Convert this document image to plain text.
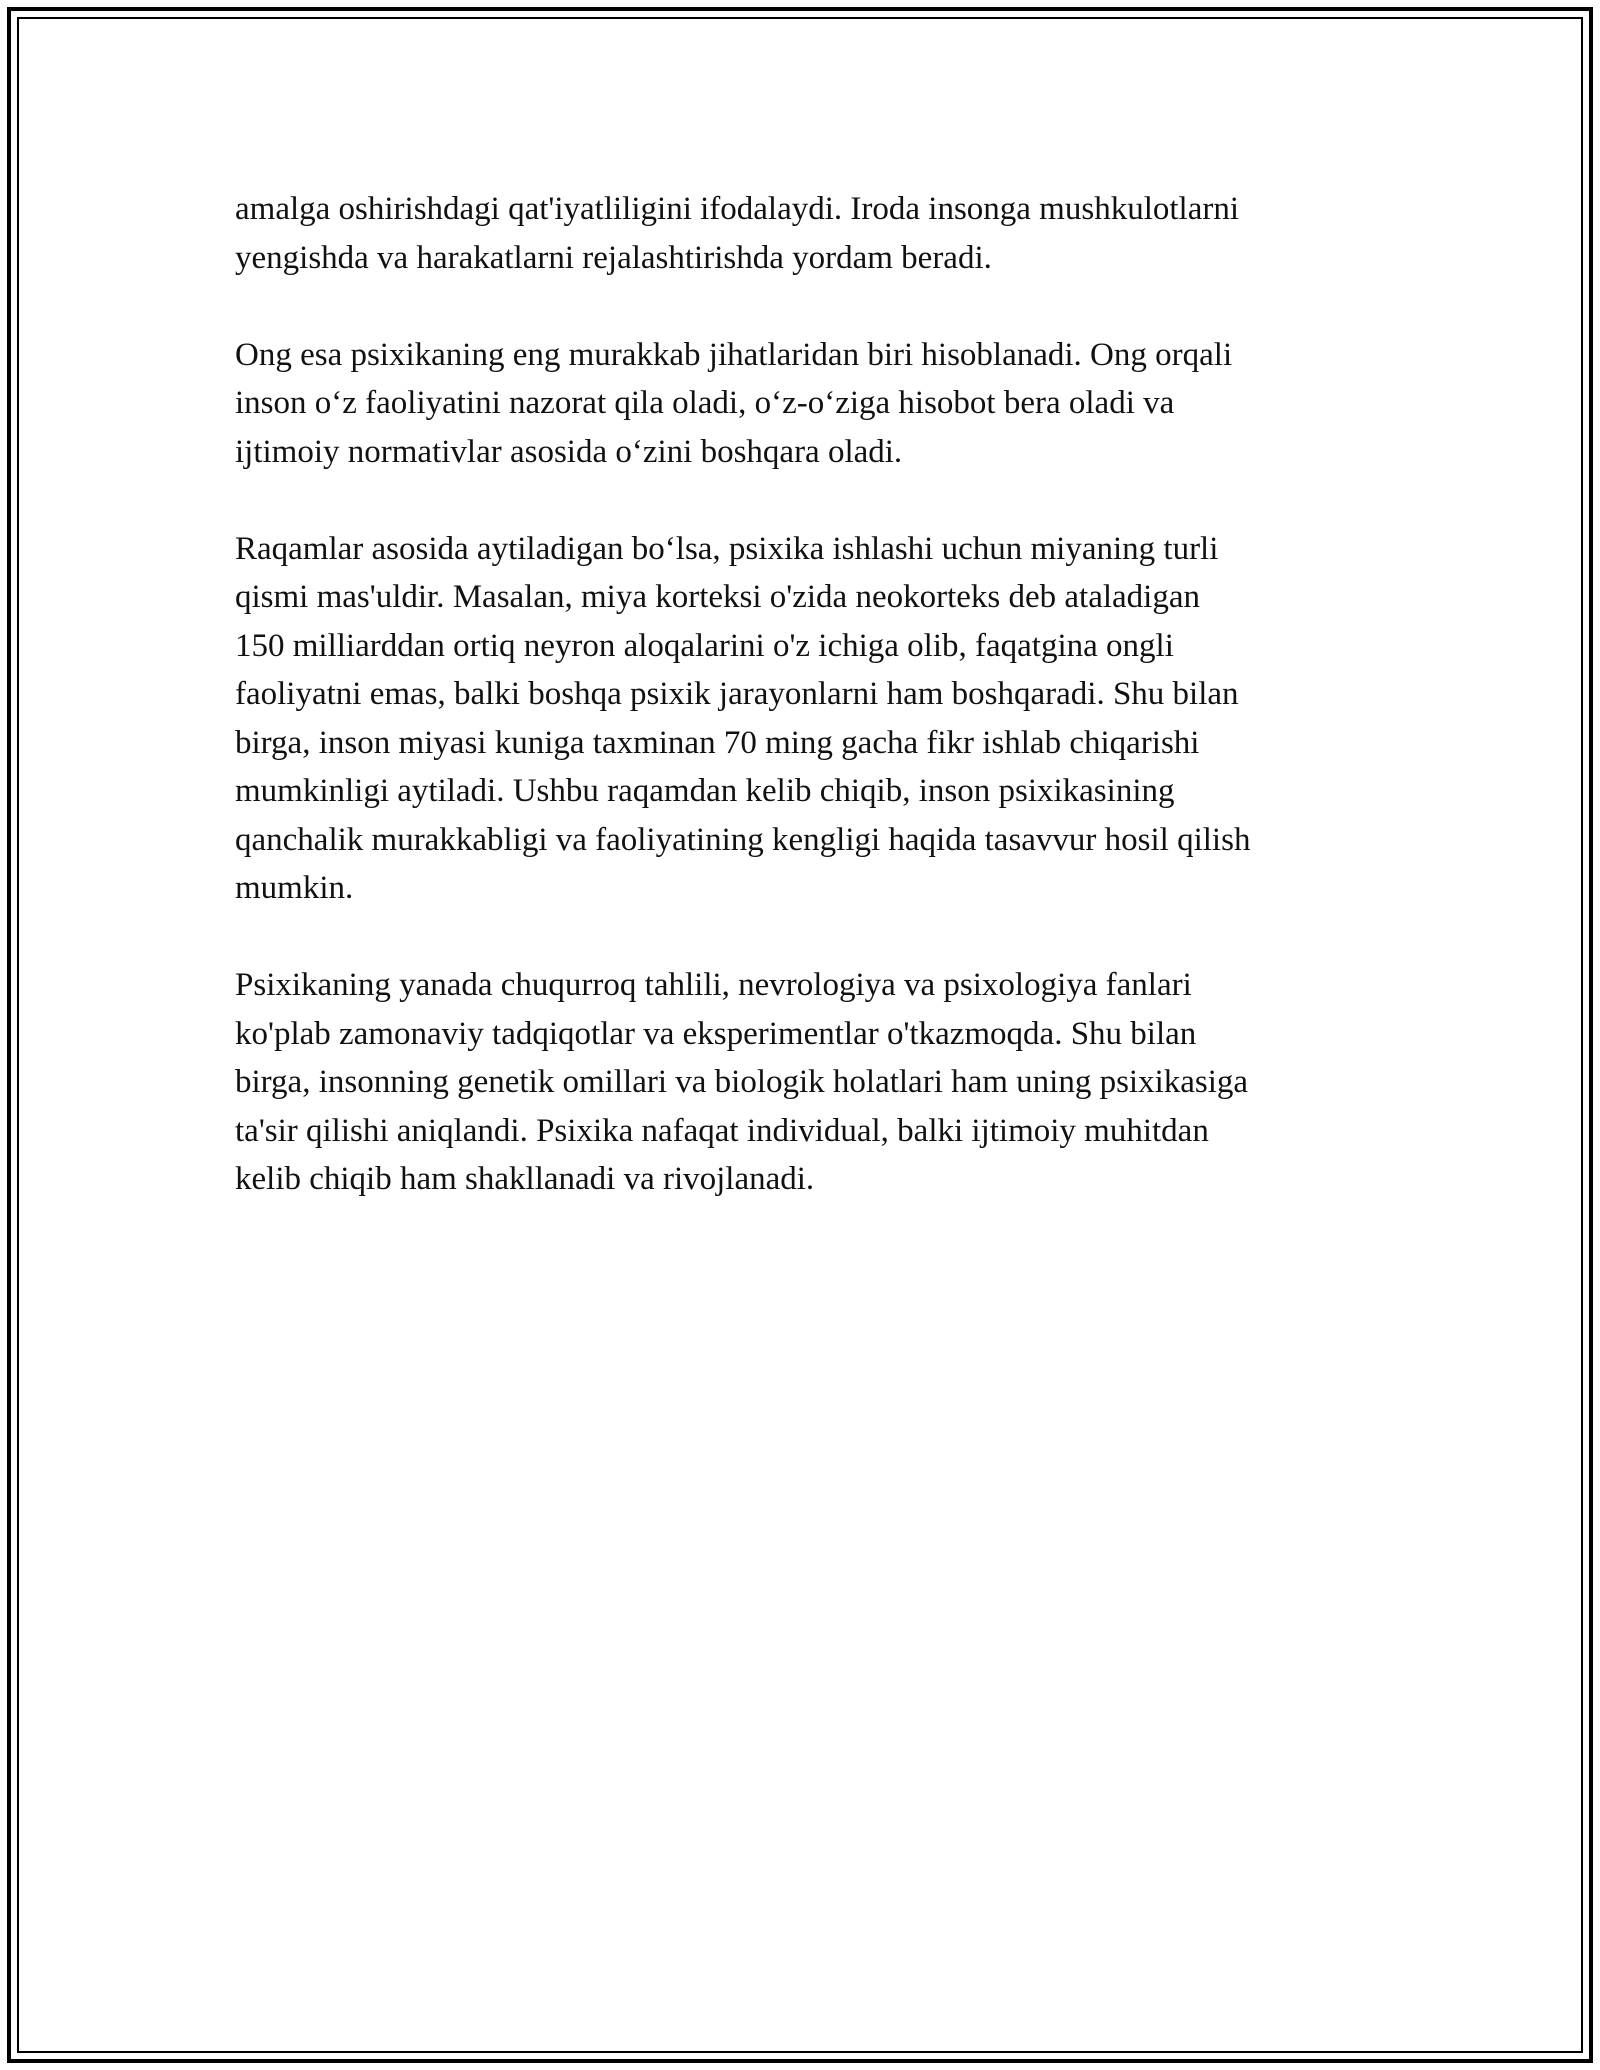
amalga oshirishdagi qat'iyatliligini ifodalaydi. Iroda insonga mushkulotlarni
yengishda va harakatlarni rejalashtirishda yordam beradi.

Ong esa psixikaning eng murakkab jihatlaridan biri hisoblanadi. Ong orqali
inson o‘z faoliyatini nazorat qila oladi, o‘z-o‘ziga hisobot bera oladi va
ijtimoiy normativlar asosida o‘zini boshqara oladi.

Raqamlar asosida aytiladigan bo‘lsa, psixika ishlashi uchun miyaning turli
qismi mas'uldir. Masalan, miya korteksi o'zida neokorteks deb ataladigan
150 milliarddan ortiq neyron aloqalarini o'z ichiga olib, faqatgina ongli
faoliyatni emas, balki boshqa psixik jarayonlarni ham boshqaradi. Shu bilan
birga, inson miyasi kuniga taxminan 70 ming gacha fikr ishlab chiqarishi
mumkinligi aytiladi. Ushbu raqamdan kelib chiqib, inson psixikasining
qanchalik murakkabligi va faoliyatining kengligi haqida tasavvur hosil qilish
mumkin.

Psixikaning yanada chuqurroq tahlili, nevrologiya va psixologiya fanlari
ko'plab zamonaviy tadqiqotlar va eksperimentlar o'tkazmoqda. Shu bilan
birga, insonning genetik omillari va biologik holatlari ham uning psixikasiga
ta'sir qilishi aniqlandi. Psixika nafaqat individual, balki ijtimoiy muhitdan
kelib chiqib ham shakllanadi va rivojlanadi.
